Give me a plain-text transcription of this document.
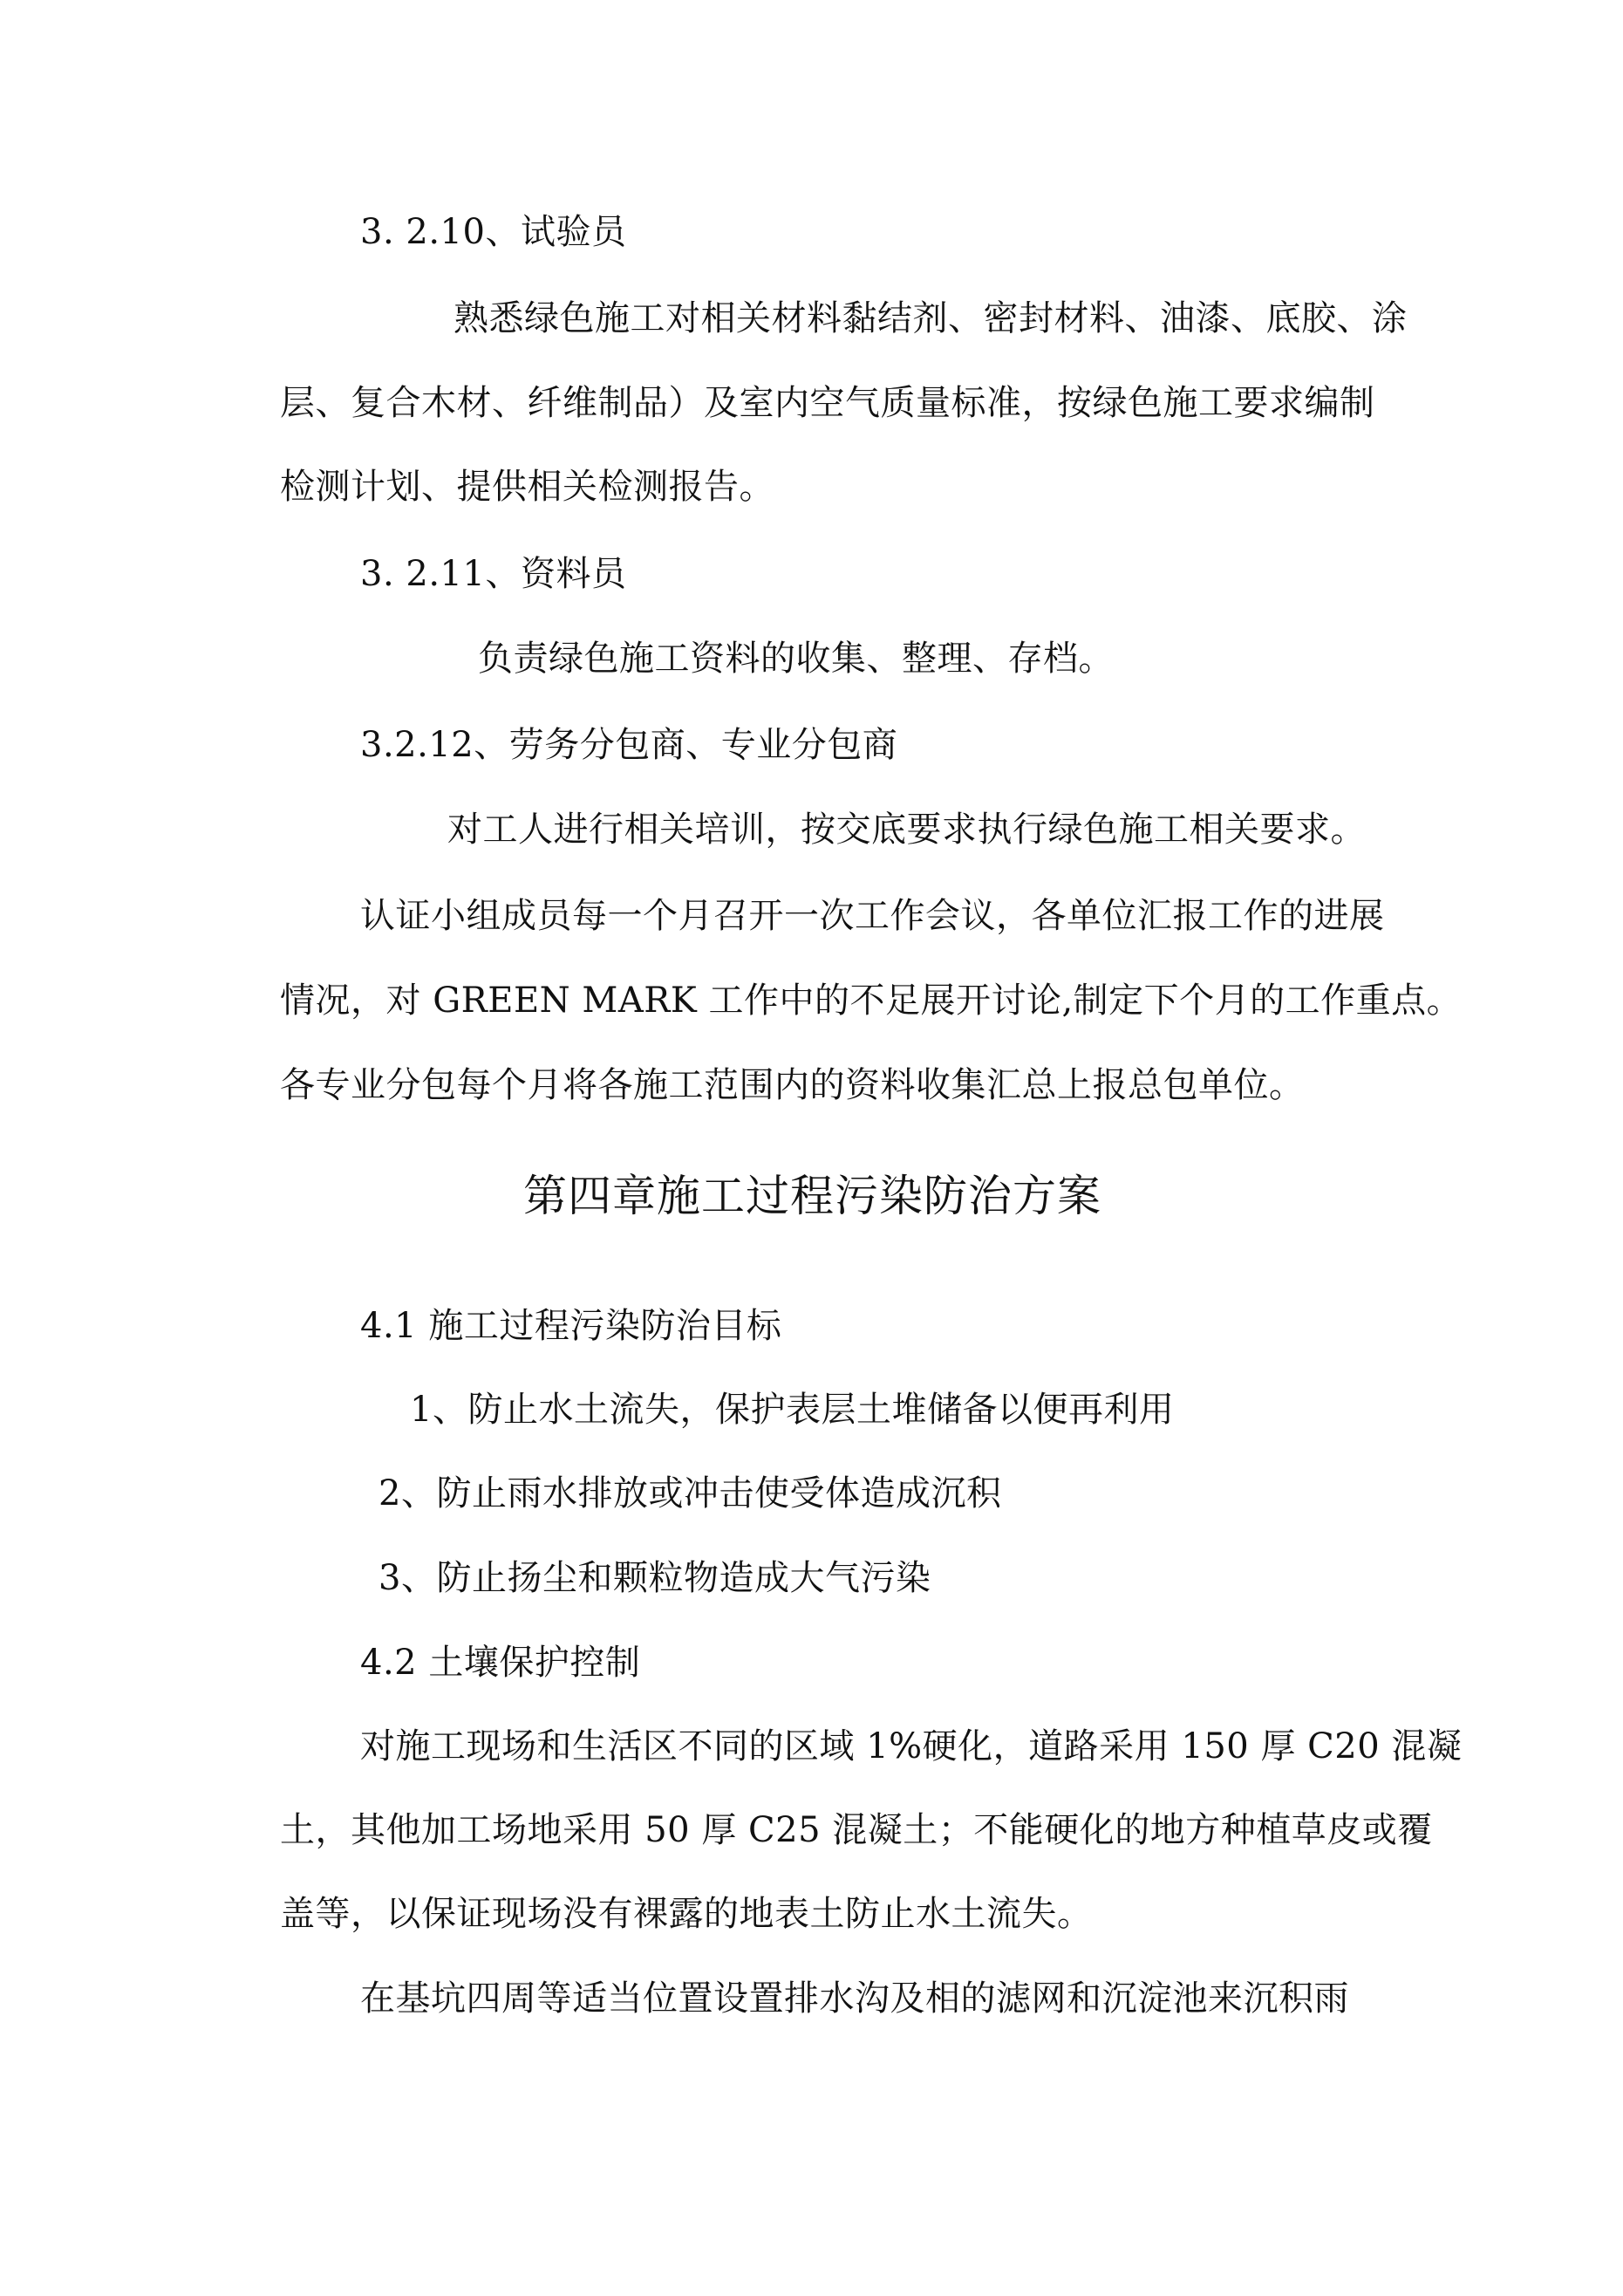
3. 2.10、试验员
熟悉绿色施工对相关材料黏结剂、密封材料、油漆、底胶、涂
层、复合木材、纤维制品）及室内空气质量标准，按绿色施工要求编制
检测计划、提供相关检测报告。
3. 2.11、资料员
负责绿色施工资料的收集、整理、存档。
3.2.12、劳务分包商、专业分包商
对工人进行相关培训，按交底要求执行绿色施工相关要求。
认证小组成员每一个月召开一次工作会议，各单位汇报工作的进展
情况，对 GREEN MARK 工作中的不足展开讨论,制定下个月的工作重点。
各专业分包每个月将各施工范围内的资料收集汇总上报总包单位。
第四章施工过程污染防治方案
4.1 施工过程污染防治目标
1、防止水土流失，保护表层土堆储备以便再利用
2、防止雨水排放或冲击使受体造成沉积
3、防止扬尘和颗粒物造成大气污染
4.2 土壤保护控制
对施工现场和生活区不同的区域 1%硬化，道路采用 150 厚 C20 混凝
土，其他加工场地采用 50 厚 C25 混凝土；不能硬化的地方种植草皮或覆
盖等，以保证现场没有裸露的地表土防止水土流失。
在基坑四周等适当位置设置排水沟及相的滤网和沉淀池来沉积雨
